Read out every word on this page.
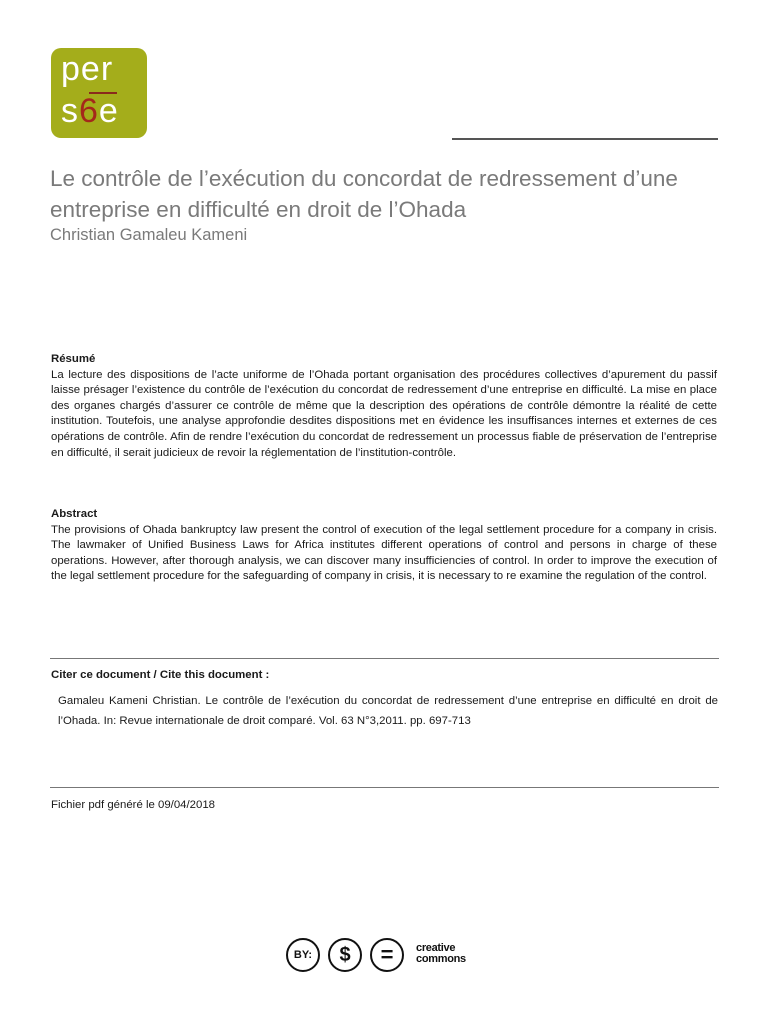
per
s6e
Le contrôle de l’exécution du concordat de redressement d’une entreprise en difficulté en droit de l’Ohada
Christian Gamaleu Kameni
Résumé
La lecture des dispositions de l’acte uniforme de l’Ohada portant organisation des procédures collectives d’apurement du passif laisse présager l’existence du contrôle de l’exécution du concordat de redressement d’une entreprise en difficulté. La mise en place des organes chargés d’assurer ce contrôle de même que la description des opérations de contrôle démontre la réalité de cette institution. Toutefois, une analyse approfondie desdites dispositions met en évidence les insuffisances internes et externes de ces opérations de contrôle. Afin de rendre l’exécution du concordat de redressement un processus fiable de préservation de l’entreprise en difficulté, il serait judicieux de revoir la réglementation de l’institution-contrôle.
Abstract
The provisions of Ohada bankruptcy law present the control of execution of the legal settlement procedure for a company in crisis. The lawmaker of Unified Business Laws for Africa institutes different operations of control and persons in charge of these operations. However, after thorough analysis, we can discover many insufficiencies of control. In order to improve the execution of the legal settlement procedure for the safeguarding of company in crisis, it is necessary to re examine the regulation of the control.
Citer ce document / Cite this document :
Gamaleu Kameni Christian. Le contrôle de l’exécution du concordat de redressement d’une entreprise en difficulté en droit de l’Ohada. In: Revue internationale de droit comparé. Vol. 63 N°3,2011. pp. 697-713
Fichier pdf généré le 09/04/2018
BY:	$	=	creative
commons
